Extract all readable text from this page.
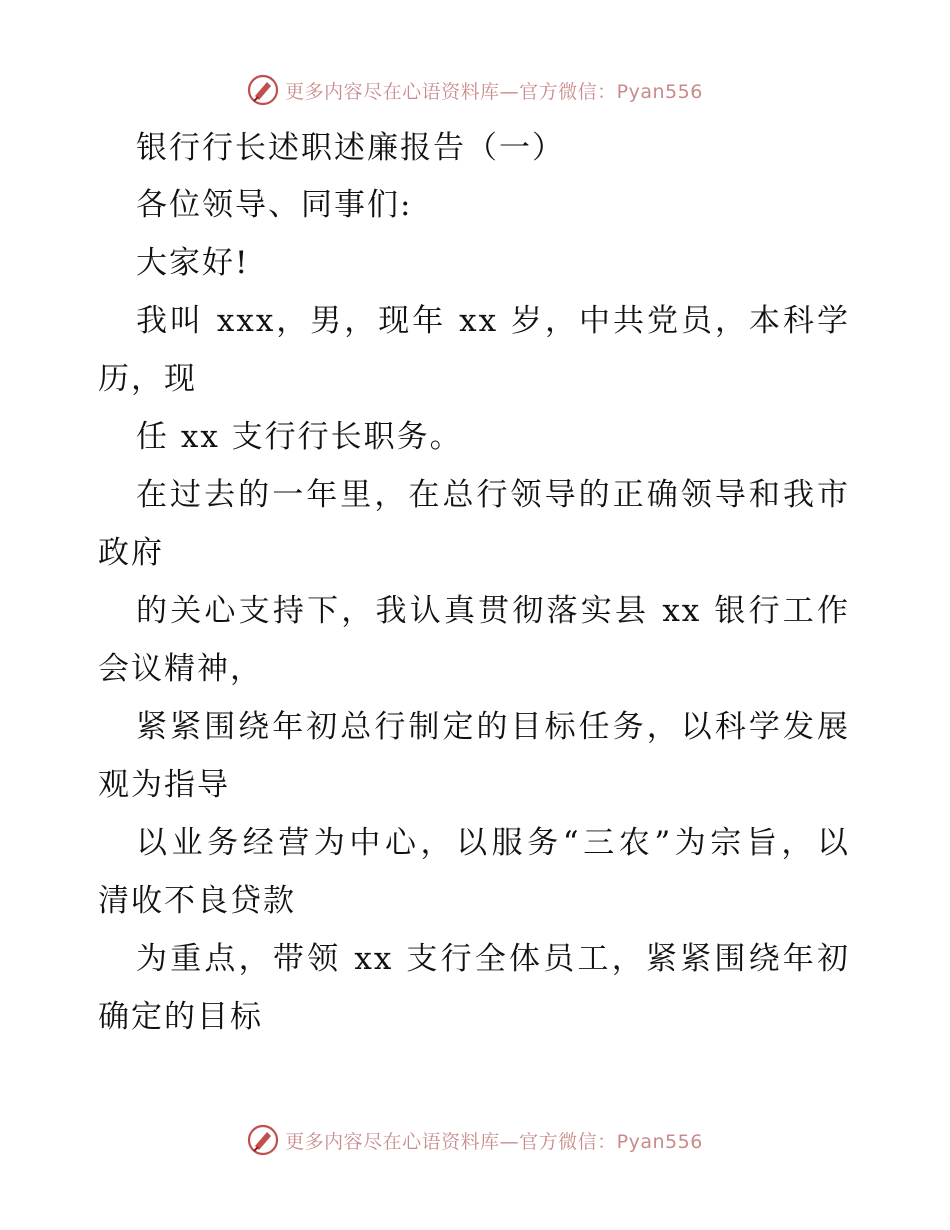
更多内容尽在心语资料库—官方微信：Pyan556
银行行长述职述廉报告（一）
各位领导、同事们:
大家好!
我叫 xxx，男，现年 xx 岁，中共党员，本科学
历，现
任 xx 支行行长职务。
在过去的一年里，在总行领导的正确领导和我市
政府
的关心支持下，我认真贯彻落实县 xx 银行工作
会议精神，
紧紧围绕年初总行制定的目标任务，以科学发展
观为指导
以业务经营为中心，以服务“三农”为宗旨，以
清收不良贷款
为重点，带领 xx 支行全体员工，紧紧围绕年初
确定的目标
更多内容尽在心语资料库—官方微信：Pyan556
